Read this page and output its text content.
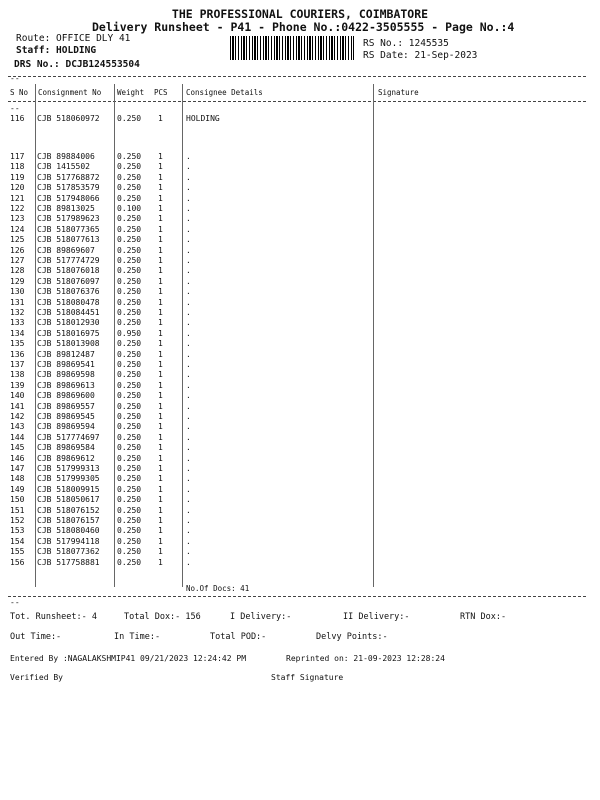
THE PROFESSIONAL COURIERS, COIMBATORE
Delivery Runsheet - P41 - Phone No.:0422-3505555 - Page No.:4
Route: OFFICE DLY 41
Staff: HOLDING
DRS No.: DCJB124553504
RS No.: 1245535
RS Date: 21-Sep-2023
--
S No Consignment No Weight PCS Consignee Details	Signature
--
116 CJB 518060972 0.250 1	HOLDING
117 CJB 89884006	0.250 1	.
118 CJB 1415502	0.250 1	.
119 CJB 517768872 0.250 1	.
120 CJB 517853579 0.250 1	.
121 CJB 517948066 0.250 1	.
122 CJB 89813025	0.100 1	.
123 CJB 517989623 0.250 1	.
124 CJB 518077365 0.250 1	.
125 CJB 518077613 0.250 1	.
126 CJB 89869607	0.250 1	.
127 CJB 517774729 0.250 1	.
128 CJB 518076018 0.250 1	.
129 CJB 518076097 0.250 1	.
130 CJB 518076376 0.250 1	.
131 CJB 518080478 0.250 1	.
132 CJB 518084451 0.250 1	.
133 CJB 518012930 0.250 1	.
134 CJB 518016975 0.950 1	.
135 CJB 518013908 0.250 1	.
136 CJB 89812487	0.250 1	.
137 CJB 89869541	0.250 1	.
138 CJB 89869598	0.250 1	.
139 CJB 89869613	0.250 1	.
140 CJB 89869600	0.250 1	.
141 CJB 89869557	0.250 1	.
142 CJB 89869545	0.250 1	.
143 CJB 89869594	0.250 1	.
144 CJB 517774697 0.250 1	.
145 CJB 89869584	0.250 1	.
146 CJB 89869612	0.250 1	.
147 CJB 517999313 0.250 1	.
148 CJB 517999305 0.250 1	.
149 CJB 518009915 0.250 1	.
150 CJB 518050617 0.250 1	.
151 CJB 518076152 0.250 1	.
152 CJB 518076157 0.250 1	.
153 CJB 518080460 0.250 1	.
154 CJB 517994118 0.250 1	.
155 CJB 518077362 0.250 1	.
156 CJB 517758881 0.250 1	.
No.Of Docs: 41
--
Tot. Runsheet:- 4	Total Dox:- 156	I Delivery:-	II Delivery:-	RTN Dox:-
Out Time:-	In Time:-	Total POD:-	Delvy Points:-
Entered By :NAGALAKSHMIP41 09/21/2023 12:24:42 PM	Reprinted on: 21-09-2023 12:28:24
Verified By	Staff Signature
